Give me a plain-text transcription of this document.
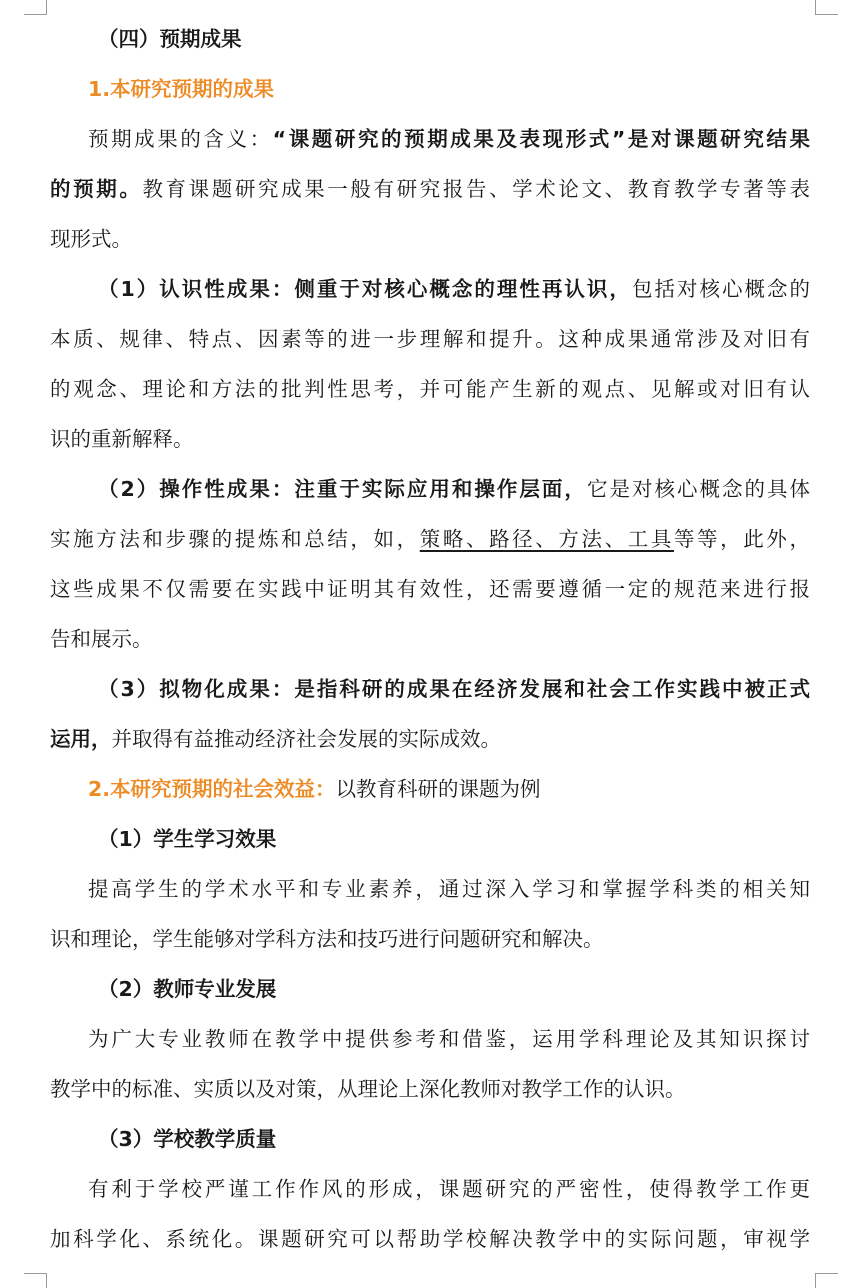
（四）预期成果
1.本研究预期的成果
预期成果的含义：“课题研究的预期成果及表现形式”是对课题研究结果
的预期。教育课题研究成果一般有研究报告、学术论文、教育教学专著等表
现形式。
（1）认识性成果：侧重于对核心概念的理性再认识，包括对核心概念的
本质、规律、特点、因素等的进一步理解和提升。这种成果通常涉及对旧有
的观念、理论和方法的批判性思考，并可能产生新的观点、见解或对旧有认
识的重新解释。
（2）操作性成果：注重于实际应用和操作层面，它是对核心概念的具体
实施方法和步骤的提炼和总结，如，策略、路径、方法、工具等等，此外，
这些成果不仅需要在实践中证明其有效性，还需要遵循一定的规范来进行报
告和展示。
（3）拟物化成果：是指科研的成果在经济发展和社会工作实践中被正式
运用，并取得有益推动经济社会发展的实际成效。
2.本研究预期的社会效益：以教育科研的课题为例
（1）学生学习效果
提高学生的学术水平和专业素养，通过深入学习和掌握学科类的相关知
识和理论，学生能够对学科方法和技巧进行问题研究和解决。
（2）教师专业发展
为广大专业教师在教学中提供参考和借鉴，运用学科理论及其知识探讨
教学中的标准、实质以及对策，从理论上深化教师对教学工作的认识。
（3）学校教学质量
有利于学校严谨工作作风的形成，课题研究的严密性，使得教学工作更
加科学化、系统化。课题研究可以帮助学校解决教学中的实际问题，审视学
